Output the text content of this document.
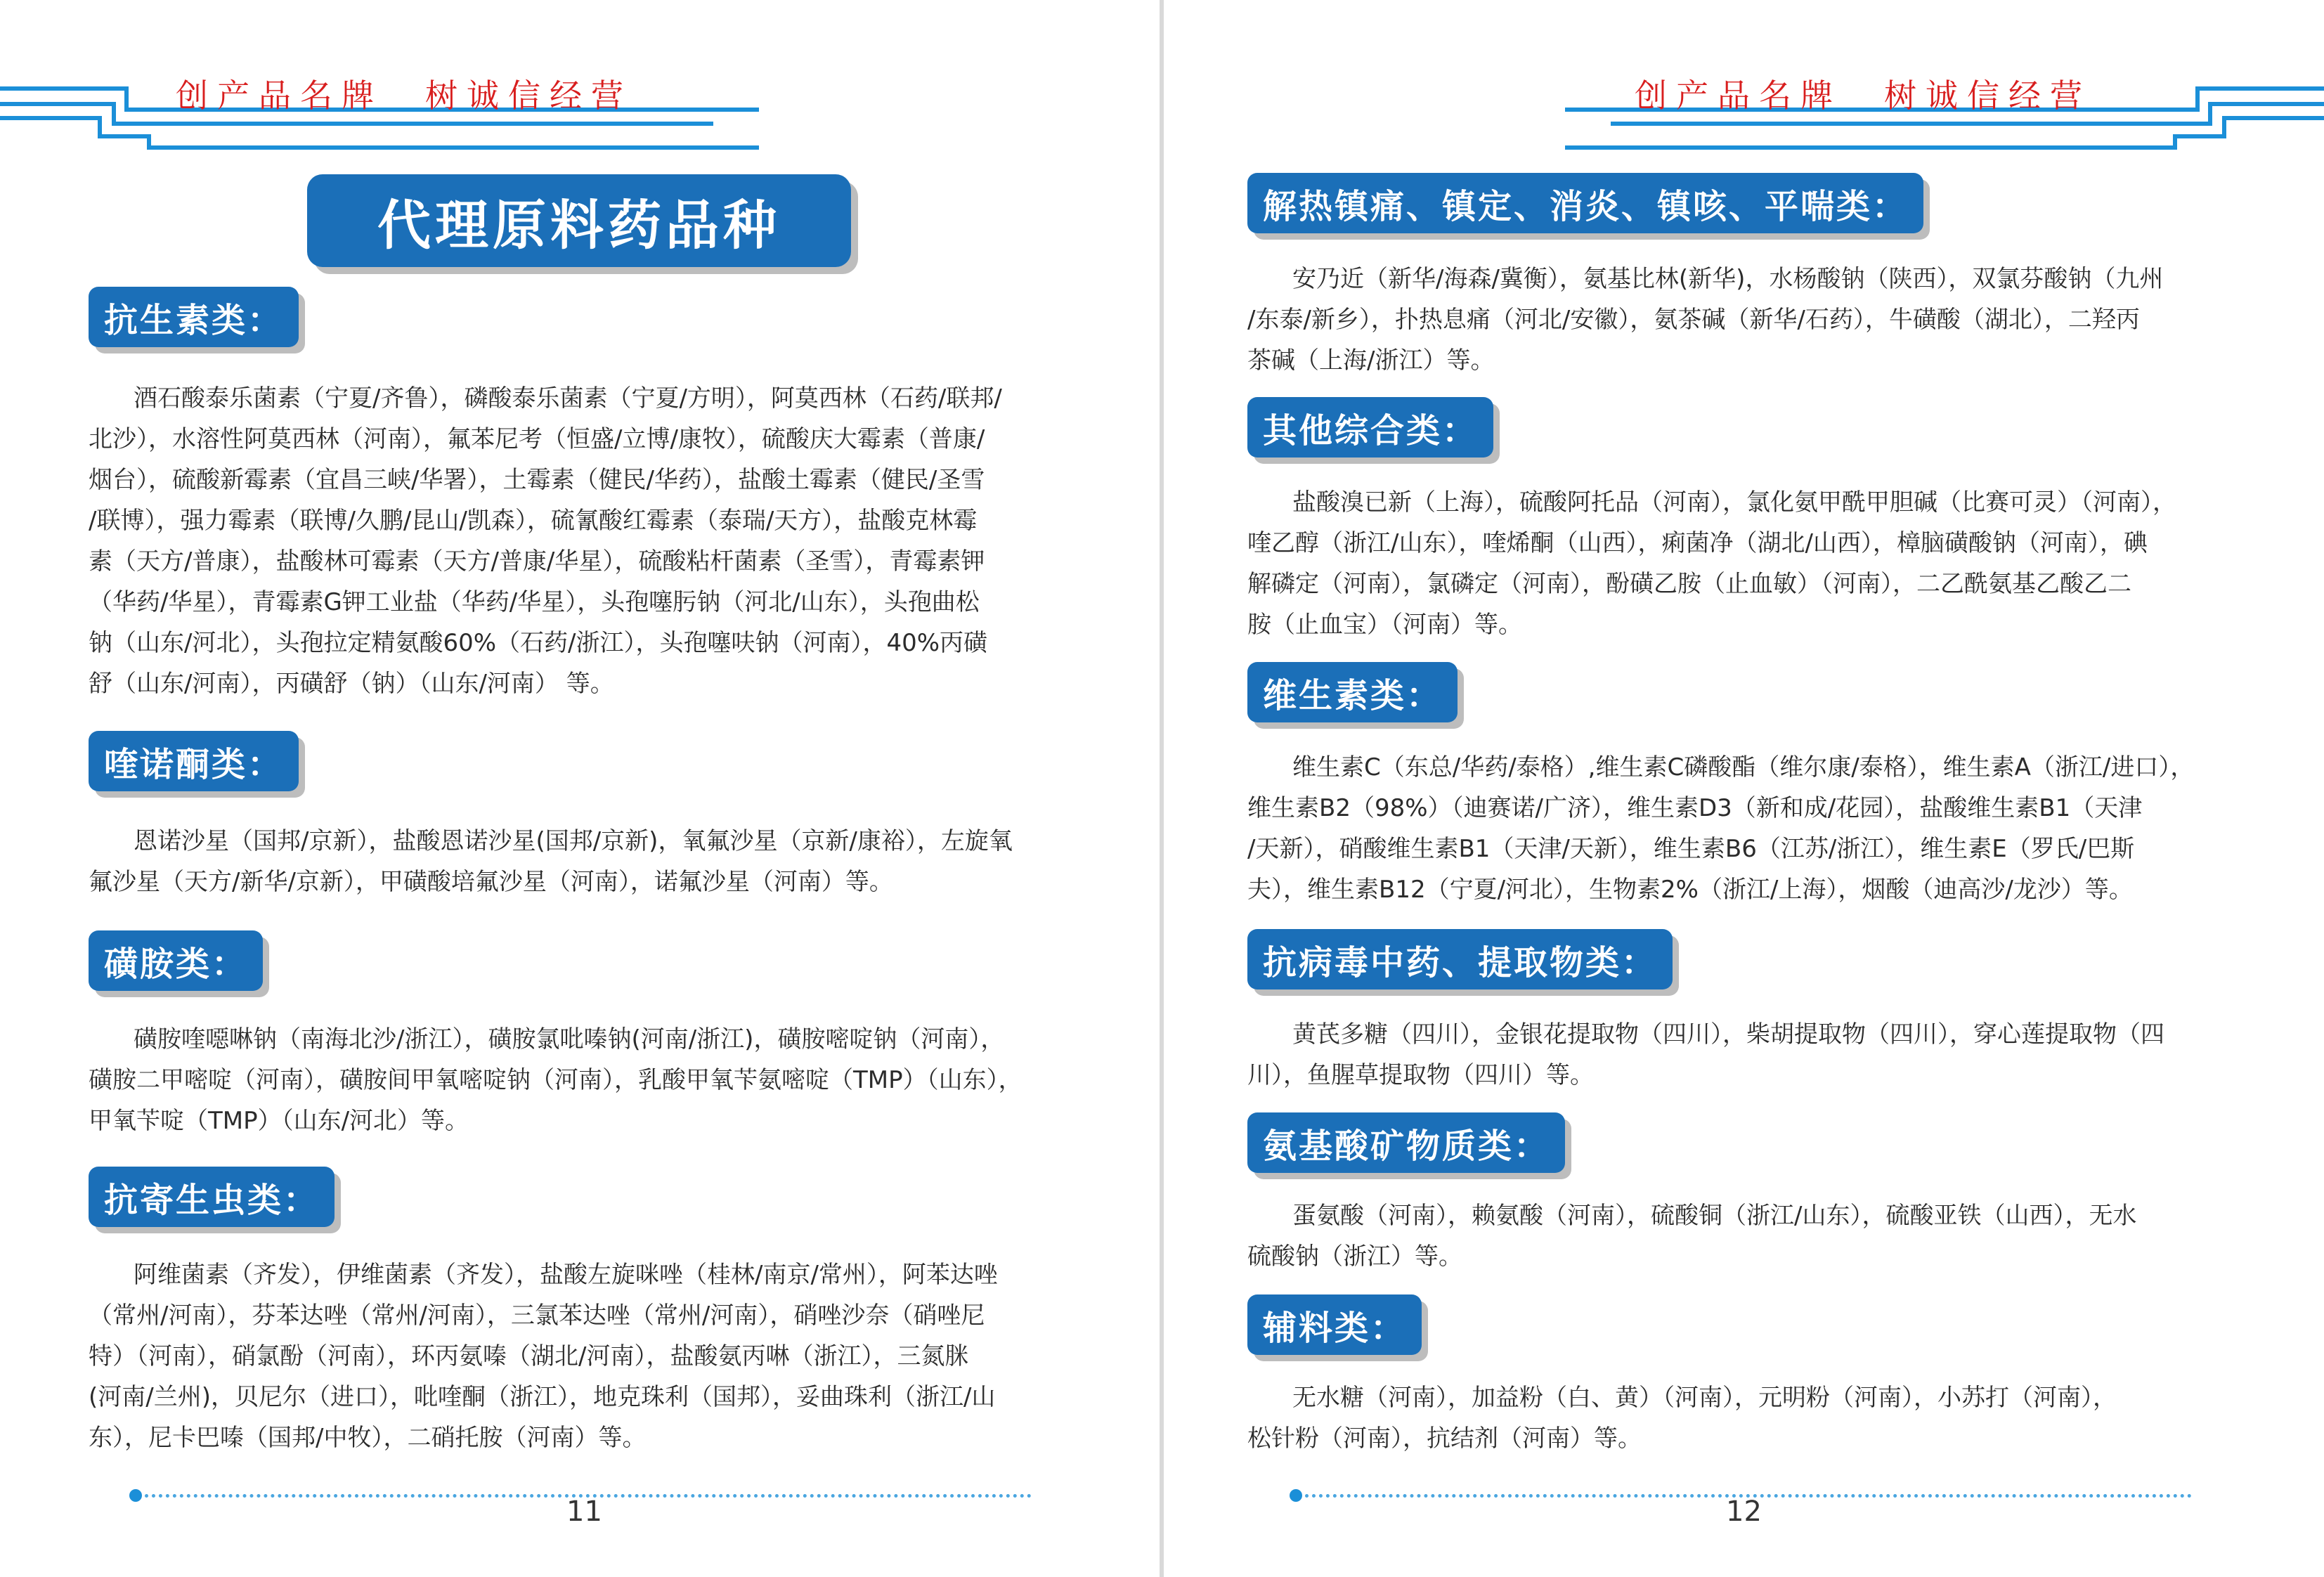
创产品名牌 树诚信经营
代理原料药品种
抗生素类：
酒石酸泰乐菌素（宁夏/齐鲁），磷酸泰乐菌素（宁夏/方明），阿莫西林（石药/联邦/
北沙），水溶性阿莫西林（河南），氟苯尼考（恒盛/立博/康牧），硫酸庆大霉素（普康/
烟台），硫酸新霉素（宜昌三峡/华署），土霉素（健民/华药），盐酸土霉素（健民/圣雪
/联博），强力霉素（联博/久鹏/昆山/凯森），硫氰酸红霉素（泰瑞/天方），盐酸克林霉
素（天方/普康），盐酸林可霉素（天方/普康/华星），硫酸粘杆菌素（圣雪），青霉素钾
（华药/华星），青霉素G钾工业盐（华药/华星），头孢噻肟钠（河北/山东），头孢曲松
钠（山东/河北），头孢拉定精氨酸60%（石药/浙江），头孢噻呋钠（河南），40%丙磺
舒（山东/河南），丙磺舒（钠）（山东/河南） 等。
喹诺酮类：
恩诺沙星（国邦/京新），盐酸恩诺沙星(国邦/京新)，氧氟沙星（京新/康裕），左旋氧
氟沙星（天方/新华/京新），甲磺酸培氟沙星（河南），诺氟沙星（河南）等。
磺胺类：
磺胺喹噁啉钠（南海北沙/浙江），磺胺氯吡嗪钠(河南/浙江)，磺胺嘧啶钠（河南），
磺胺二甲嘧啶（河南），磺胺间甲氧嘧啶钠（河南），乳酸甲氧苄氨嘧啶（TMP）（山东），
甲氧苄啶（TMP）（山东/河北）等。
抗寄生虫类：
阿维菌素（齐发），伊维菌素（齐发），盐酸左旋咪唑（桂林/南京/常州），阿苯达唑
（常州/河南），芬苯达唑（常州/河南），三氯苯达唑（常州/河南），硝唑沙奈（硝唑尼
特）（河南），硝氯酚（河南），环丙氨嗪（湖北/河南），盐酸氨丙啉（浙江），三氮脒
(河南/兰州)，贝尼尔（进口），吡喹酮（浙江），地克珠利（国邦），妥曲珠利（浙江/山
东），尼卡巴嗪（国邦/中牧），二硝托胺（河南）等。
11
创产品名牌 树诚信经营
解热镇痛、镇定、消炎、镇咳、平喘类：
安乃近（新华/海森/冀衡），氨基比林(新华)，水杨酸钠（陕西），双氯芬酸钠（九州
/东泰/新乡），扑热息痛（河北/安徽），氨茶碱（新华/石药），牛磺酸（湖北），二羟丙
茶碱（上海/浙江）等。
其他综合类：
盐酸溴已新（上海），硫酸阿托品（河南），氯化氨甲酰甲胆碱（比赛可灵）（河南），
喹乙醇（浙江/山东），喹烯酮（山西），痢菌净（湖北/山西），樟脑磺酸钠（河南），碘
解磷定（河南），氯磷定（河南），酚磺乙胺（止血敏）（河南），二乙酰氨基乙酸乙二
胺（止血宝）（河南）等。
维生素类：
维生素C（东总/华药/泰格）,维生素C磷酸酯（维尔康/泰格），维生素A（浙江/进口），
维生素B2（98%）（迪赛诺/广济），维生素D3（新和成/花园），盐酸维生素B1（天津
/天新），硝酸维生素B1（天津/天新），维生素B6（江苏/浙江），维生素E（罗氏/巴斯
夫），维生素B12（宁夏/河北），生物素2%（浙江/上海），烟酸（迪高沙/龙沙）等。
抗病毒中药、提取物类：
黄芪多糖（四川），金银花提取物（四川），柴胡提取物（四川），穿心莲提取物（四
川），鱼腥草提取物（四川）等。
氨基酸矿物质类：
蛋氨酸（河南），赖氨酸（河南），硫酸铜（浙江/山东），硫酸亚铁（山西），无水
硫酸钠（浙江）等。
辅料类：
无水糖（河南），加益粉（白、黄）（河南），元明粉（河南），小苏打（河南），
松针粉（河南），抗结剂（河南）等。
12
